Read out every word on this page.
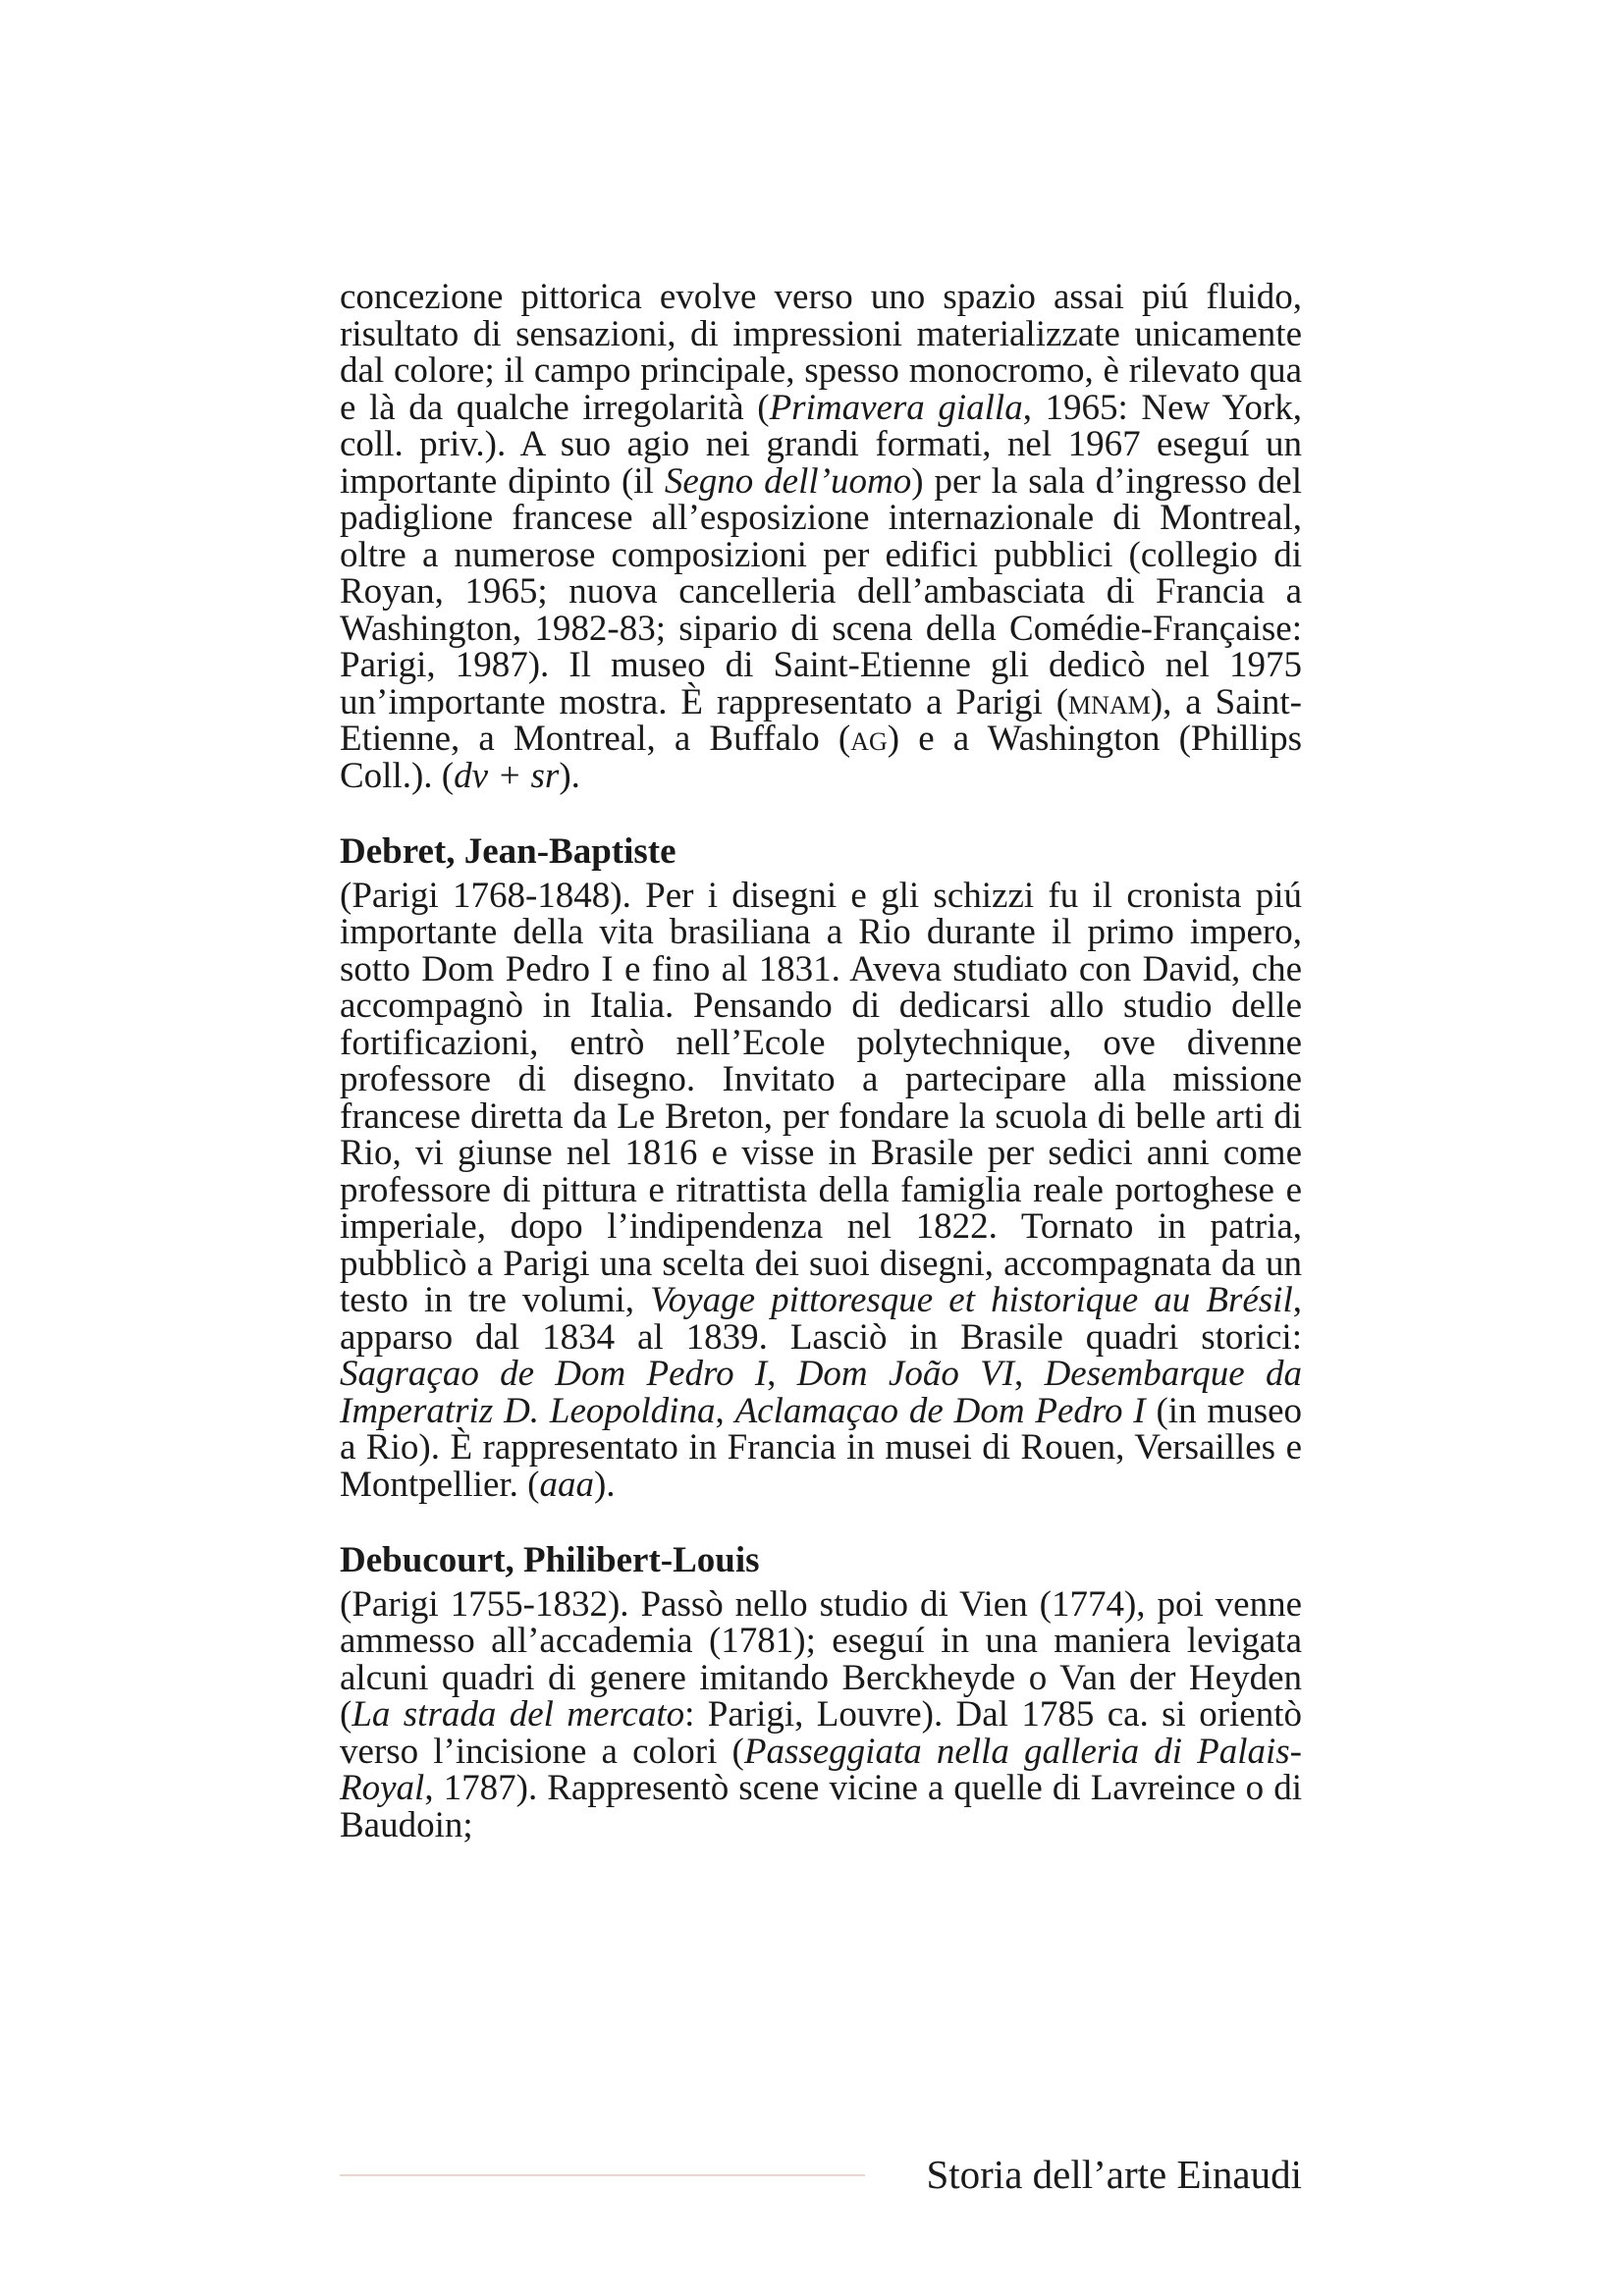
concezione pittorica evolve verso uno spazio assai piú fluido, risultato di sensazioni, di impressioni materializzate unicamente dal colore; il campo principale, spesso monocromo, è rilevato qua e là da qualche irregolarità (Primavera gialla, 1965: New York, coll. priv.). A suo agio nei grandi formati, nel 1967 eseguí un importante dipinto (il Segno dell’uomo) per la sala d’ingresso del padiglione francese all’esposizione internazionale di Montreal, oltre a numerose composizioni per edifici pubblici (collegio di Royan, 1965; nuova cancelleria dell’ambasciata di Francia a Washington, 1982-83; sipario di scena della Comédie-Française: Parigi, 1987). Il museo di Saint-Etienne gli dedicò nel 1975 un’importante mostra. È rappresentato a Parigi (mnam), a Saint-Etienne, a Montreal, a Buffalo (ag) e a Washington (Phillips Coll.). (dv + sr).

Debret, Jean-Baptiste

(Parigi 1768-1848). Per i disegni e gli schizzi fu il cronista piú importante della vita brasiliana a Rio durante il primo impero, sotto Dom Pedro I e fino al 1831. Aveva studiato con David, che accompagnò in Italia. Pensando di dedicarsi allo studio delle fortificazioni, entrò nell’Ecole polytechnique, ove divenne professore di disegno. Invitato a partecipare alla missione francese diretta da Le Breton, per fondare la scuola di belle arti di Rio, vi giunse nel 1816 e visse in Brasile per sedici anni come professore di pittura e ritrattista della famiglia reale portoghese e imperiale, dopo l’indipendenza nel 1822. Tornato in patria, pubblicò a Parigi una scelta dei suoi disegni, accompagnata da un testo in tre volumi, Voyage pittoresque et historique au Brésil, apparso dal 1834 al 1839. Lasciò in Brasile quadri storici: Sagraçao de Dom Pedro I, Dom João VI, Desembarque da Imperatriz D. Leopoldina, Aclamaçao de Dom Pedro I (in museo a Rio). È rappresentato in Francia in musei di Rouen, Versailles e Montpellier. (aaa).

Debucourt, Philibert-Louis

(Parigi 1755-1832). Passò nello studio di Vien (1774), poi venne ammesso all’accademia (1781); eseguí in una maniera levigata alcuni quadri di genere imitando Berckheyde o Van der Heyden (La strada del mercato: Parigi, Louvre). Dal 1785 ca. si orientò verso l’incisione a colori (Passeggiata nella galleria di Palais-Royal, 1787). Rappresentò scene vicine a quelle di Lavreince o di Baudoin;

Storia dell’arte Einaudi
